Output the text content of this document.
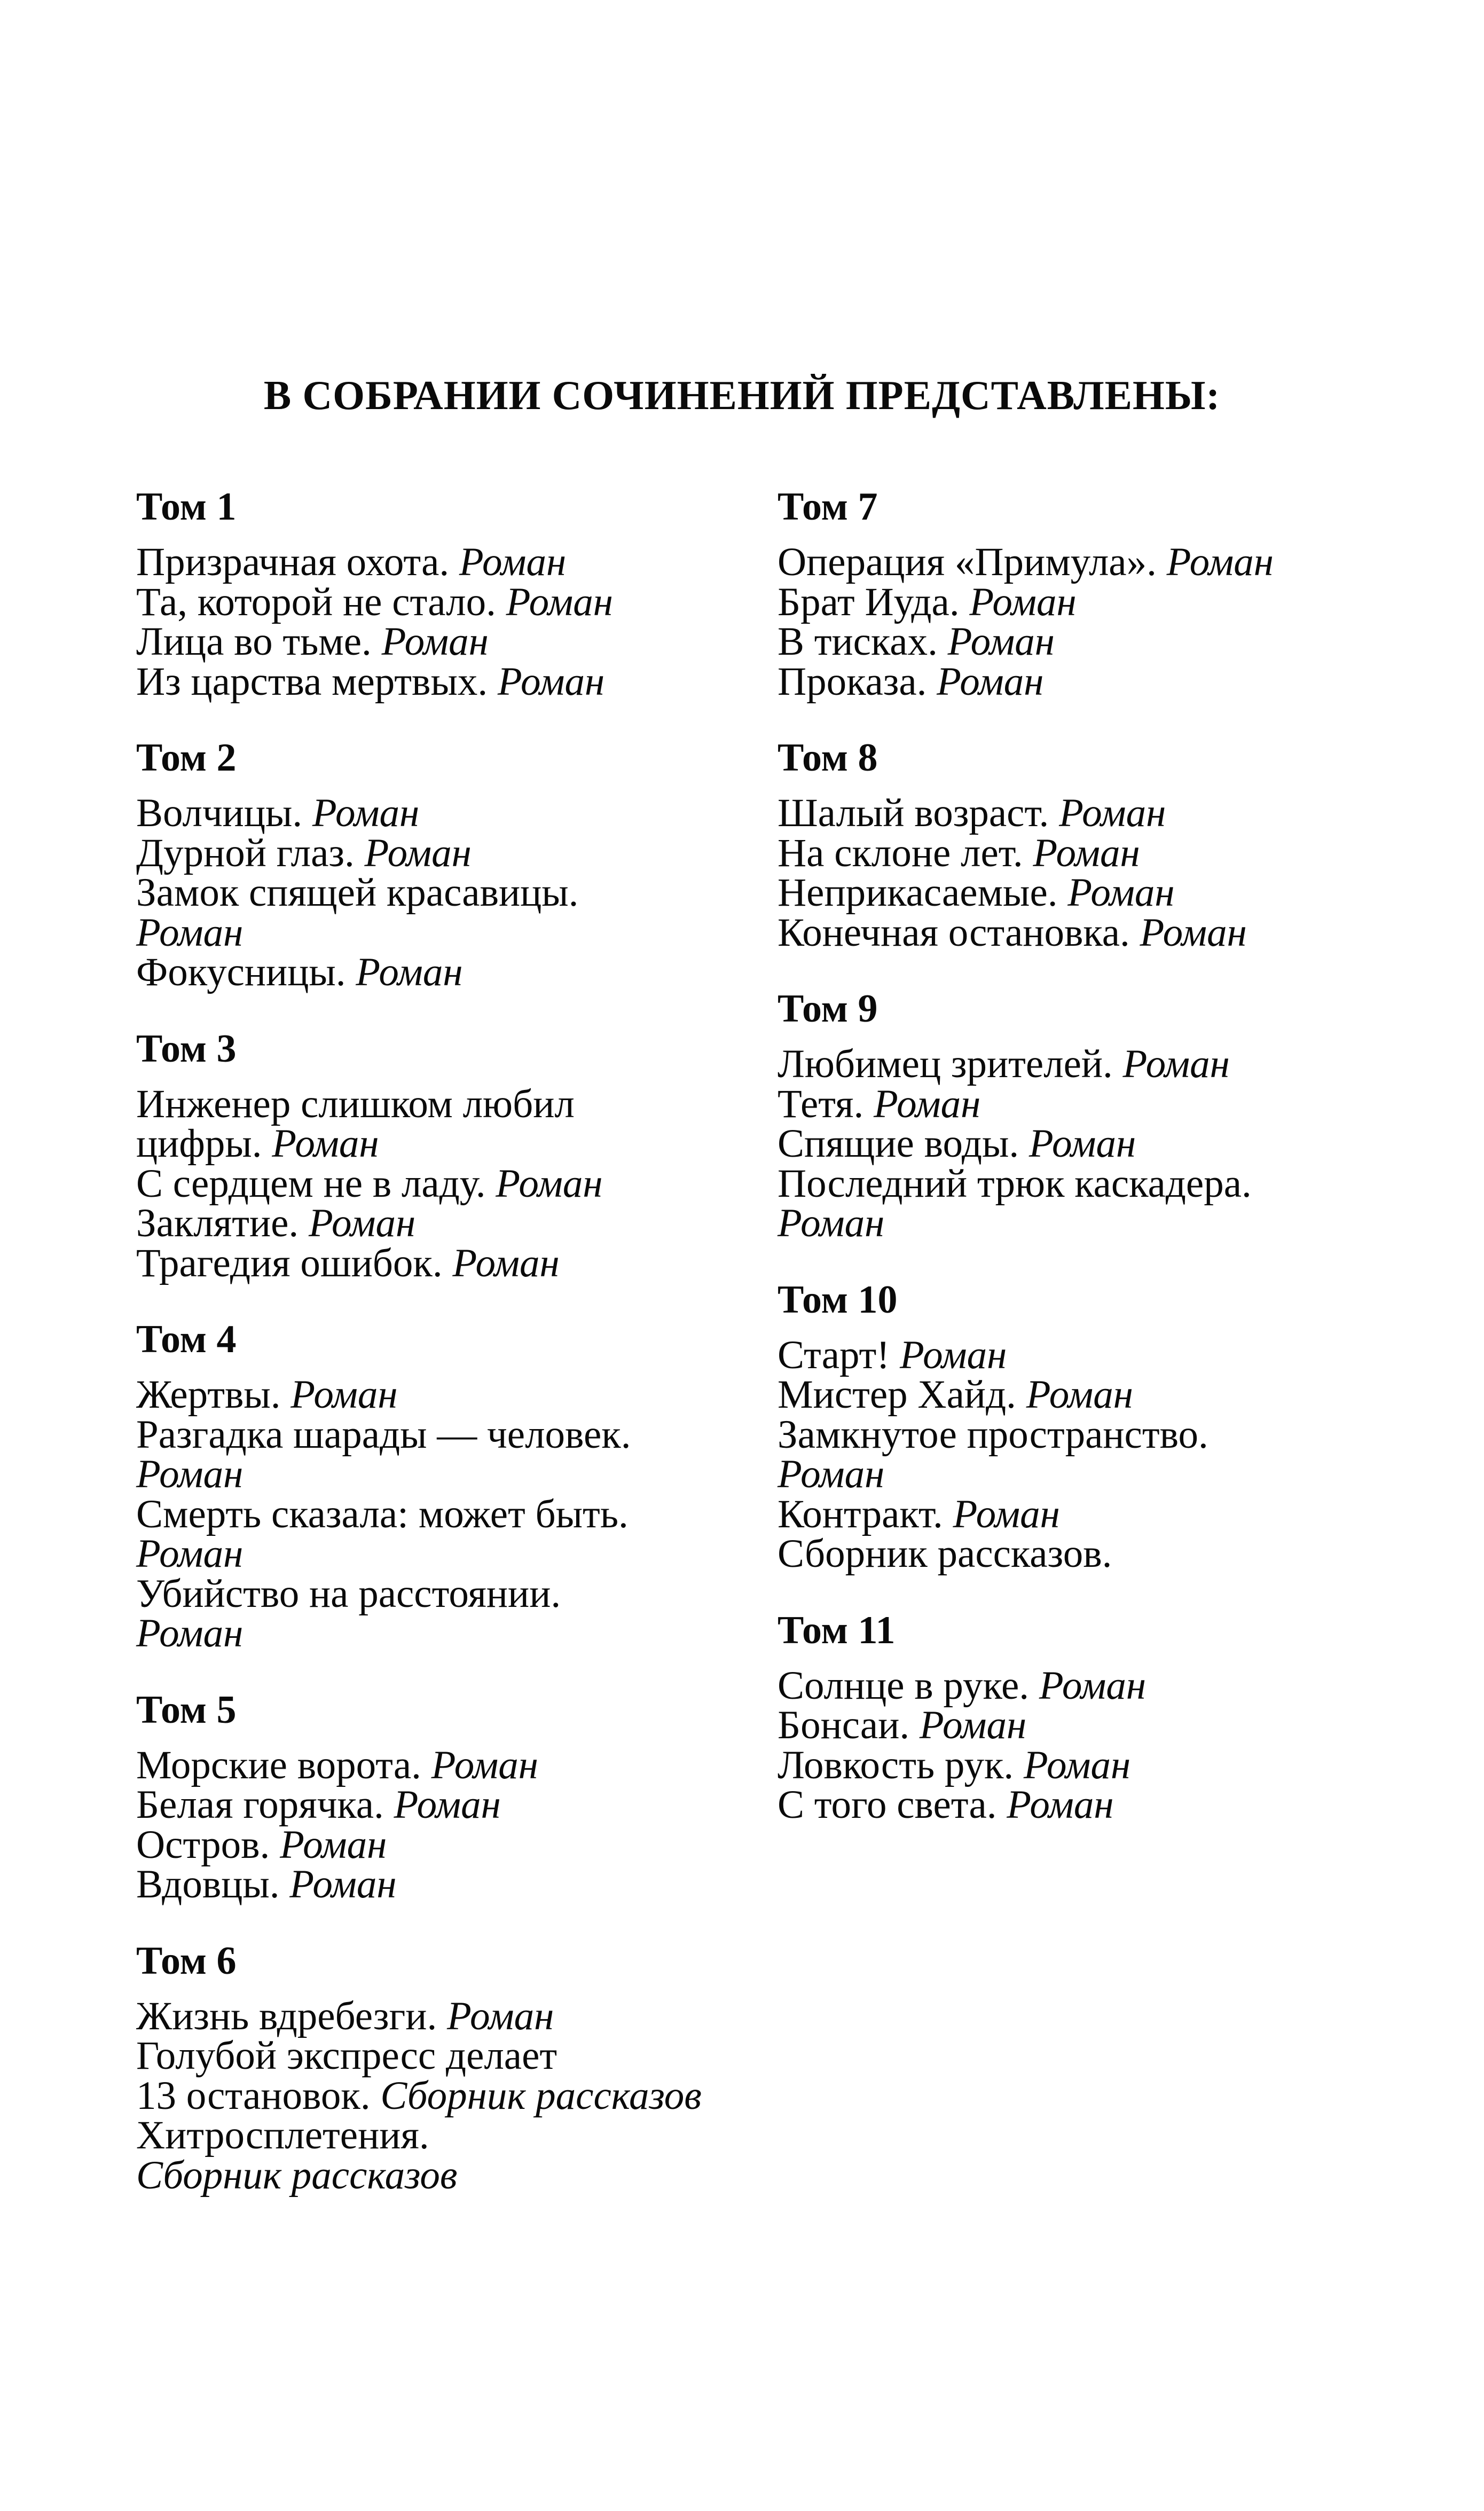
В СОБРАНИИ СОЧИНЕНИЙ ПРЕДСТАВЛЕНЫ:
Том 1
Призрачная охота. Роман
Та, которой не стало. Роман
Лица во тьме. Роман
Из царства мертвых. Роман
Том 2
Волчицы. Роман
Дурной глаз. Роман
Замок спящей красавицы.
Роман
Фокусницы. Роман
Том 3
Инженер слишком любил
цифры. Роман
С сердцем не в ладу. Роман
Заклятие. Роман
Трагедия ошибок. Роман
Том 4
Жертвы. Роман
Разгадка шарады — человек.
Роман
Смерть сказала: может быть.
Роман
Убийство на расстоянии.
Роман
Том 5
Морские ворота. Роман
Белая горячка. Роман
Остров. Роман
Вдовцы. Роман
Том 6
Жизнь вдребезги. Роман
Голубой экспресс делает
13 остановок. Сборник рассказов
Хитросплетения.
Сборник рассказов
Том 7
Операция «Примула». Роман
Брат Иуда. Роман
В тисках. Роман
Проказа. Роман
Том 8
Шалый возраст. Роман
На склоне лет. Роман
Неприкасаемые. Роман
Конечная остановка. Роман
Том 9
Любимец зрителей. Роман
Тетя. Роман
Спящие воды. Роман
Последний трюк каскадера.
Роман
Том 10
Старт! Роман
Мистер Хайд. Роман
Замкнутое пространство.
Роман
Контракт. Роман
Сборник рассказов.
Том 11
Солнце в руке. Роман
Бонсаи. Роман
Ловкость рук. Роман
С того света. Роман
